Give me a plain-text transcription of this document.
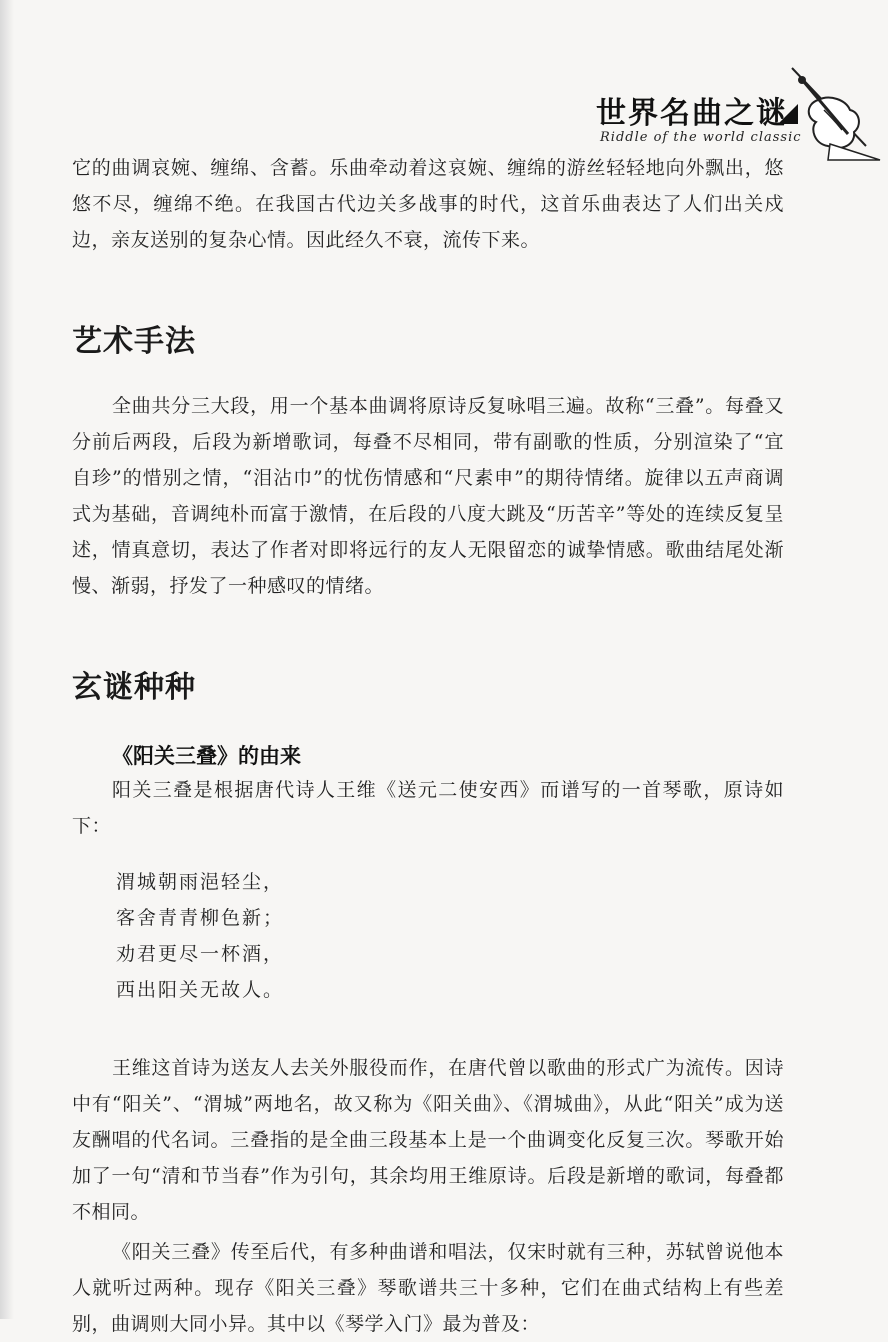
世界名曲之谜
Riddle of the world classic

它的曲调哀婉、缠绵、含蓄。乐曲牵动着这哀婉、缠绵的游丝轻轻地向外飘出，悠悠不尽，缠绵不绝。在我国古代边关多战事的时代，这首乐曲表达了人们出关戍边，亲友送别的复杂心情。因此经久不衰，流传下来。

艺术手法

全曲共分三大段，用一个基本曲调将原诗反复咏唱三遍。故称“三叠”。每叠又分前后两段，后段为新增歌词，每叠不尽相同，带有副歌的性质，分别渲染了“宜自珍”的惜别之情，“泪沾巾”的忧伤情感和“尺素申”的期待情绪。旋律以五声商调式为基础，音调纯朴而富于激情，在后段的八度大跳及“历苦辛”等处的连续反复呈述，情真意切，表达了作者对即将远行的友人无限留恋的诚挚情感。歌曲结尾处渐慢、渐弱，抒发了一种感叹的情绪。

玄谜种种
《阳关三叠》的由来

阳关三叠是根据唐代诗人王维《送元二使安西》而谱写的一首琴歌，原诗如下：

渭城朝雨浥轻尘，
客舍青青柳色新；
劝君更尽一杯酒，
西出阳关无故人。

王维这首诗为送友人去关外服役而作，在唐代曾以歌曲的形式广为流传。因诗中有“阳关”、“渭城”两地名，故又称为《阳关曲》、《渭城曲》，从此“阳关”成为送友酬唱的代名词。三叠指的是全曲三段基本上是一个曲调变化反复三次。琴歌开始加了一句“清和节当春”作为引句，其余均用王维原诗。后段是新增的歌词，每叠都不相同。

《阳关三叠》传至后代，有多种曲谱和唱法，仅宋时就有三种，苏轼曾说他本人就听过两种。现存《阳关三叠》琴歌谱共三十多种，它们在曲式结构上有些差别，曲调则大同小异。其中以《琴学入门》最为普及：
